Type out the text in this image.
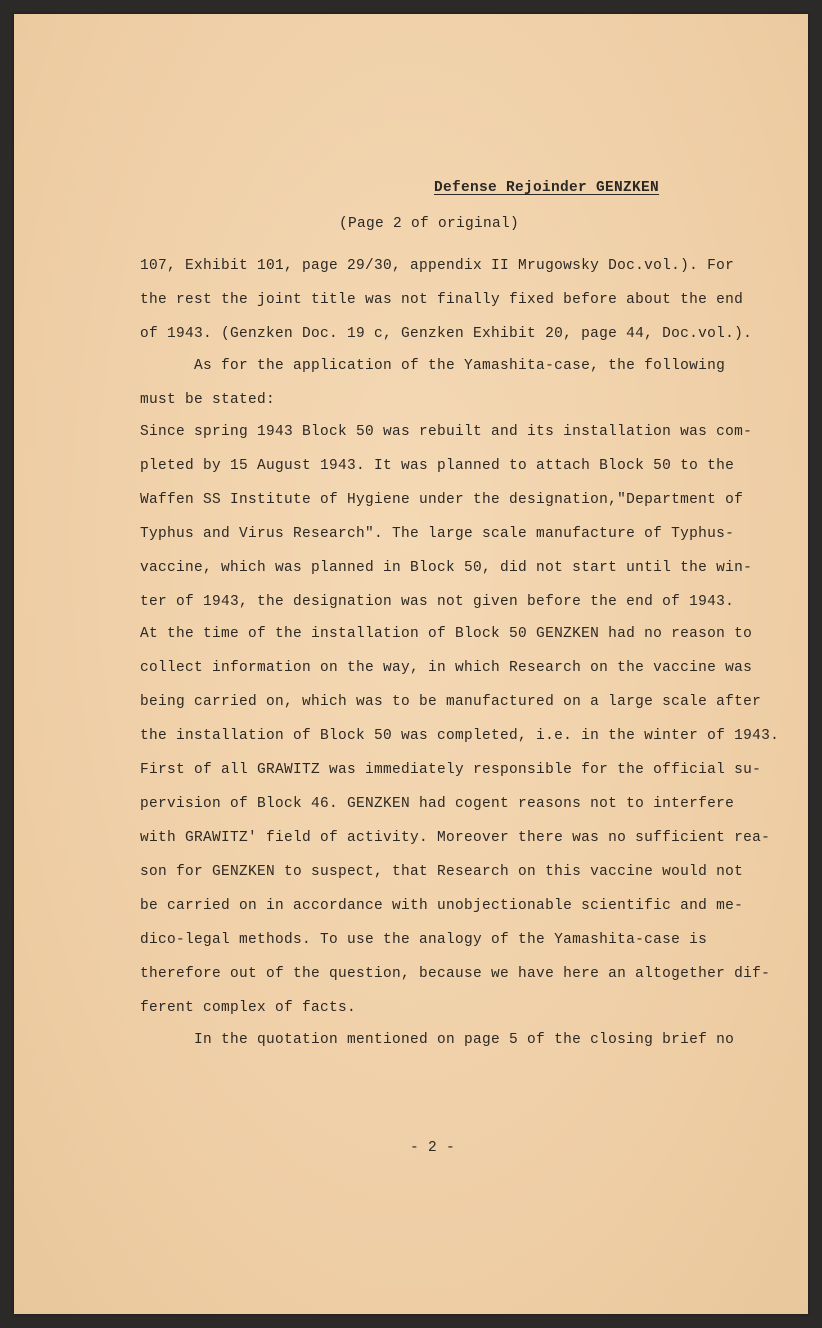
Defense Rejoinder GENZKEN
(Page 2 of original)
107, Exhibit 101, page 29/30, appendix II Mrugowsky Doc.vol.). For
the rest the joint title was not finally fixed before about the end
of 1943. (Genzken Doc. 19 c, Genzken Exhibit 20, page 44, Doc.vol.).
As for the application of the Yamashita-case, the following
must be stated:
Since spring 1943 Block 50 was rebuilt and its installation was com-
pleted by 15 August 1943. It was planned to attach Block 50 to the
Waffen SS Institute of Hygiene under the designation,"Department of
Typhus and Virus Research". The large scale manufacture of Typhus-
vaccine, which was planned in Block 50, did not start until the win-
ter of 1943, the designation was not given before the end of 1943.
At the time of the installation of Block 50 GENZKEN had no reason to
collect information on the way, in which Research on the vaccine was
being carried on, which was to be manufactured on a large scale after
the installation of Block 50 was completed, i.e. in the winter of 1943.
First of all GRAWITZ was immediately responsible for the official su-
pervision of Block 46. GENZKEN had cogent reasons not to interfere
with GRAWITZ' field of activity. Moreover there was no sufficient rea-
son for GENZKEN to suspect, that Research on this vaccine would not
be carried on in accordance with unobjectionable scientific and me-
dico-legal methods. To use the analogy of the Yamashita-case is
therefore out of the question, because we have here an altogether dif-
ferent complex of facts.
In the quotation mentioned on page 5 of the closing brief no
- 2 -
